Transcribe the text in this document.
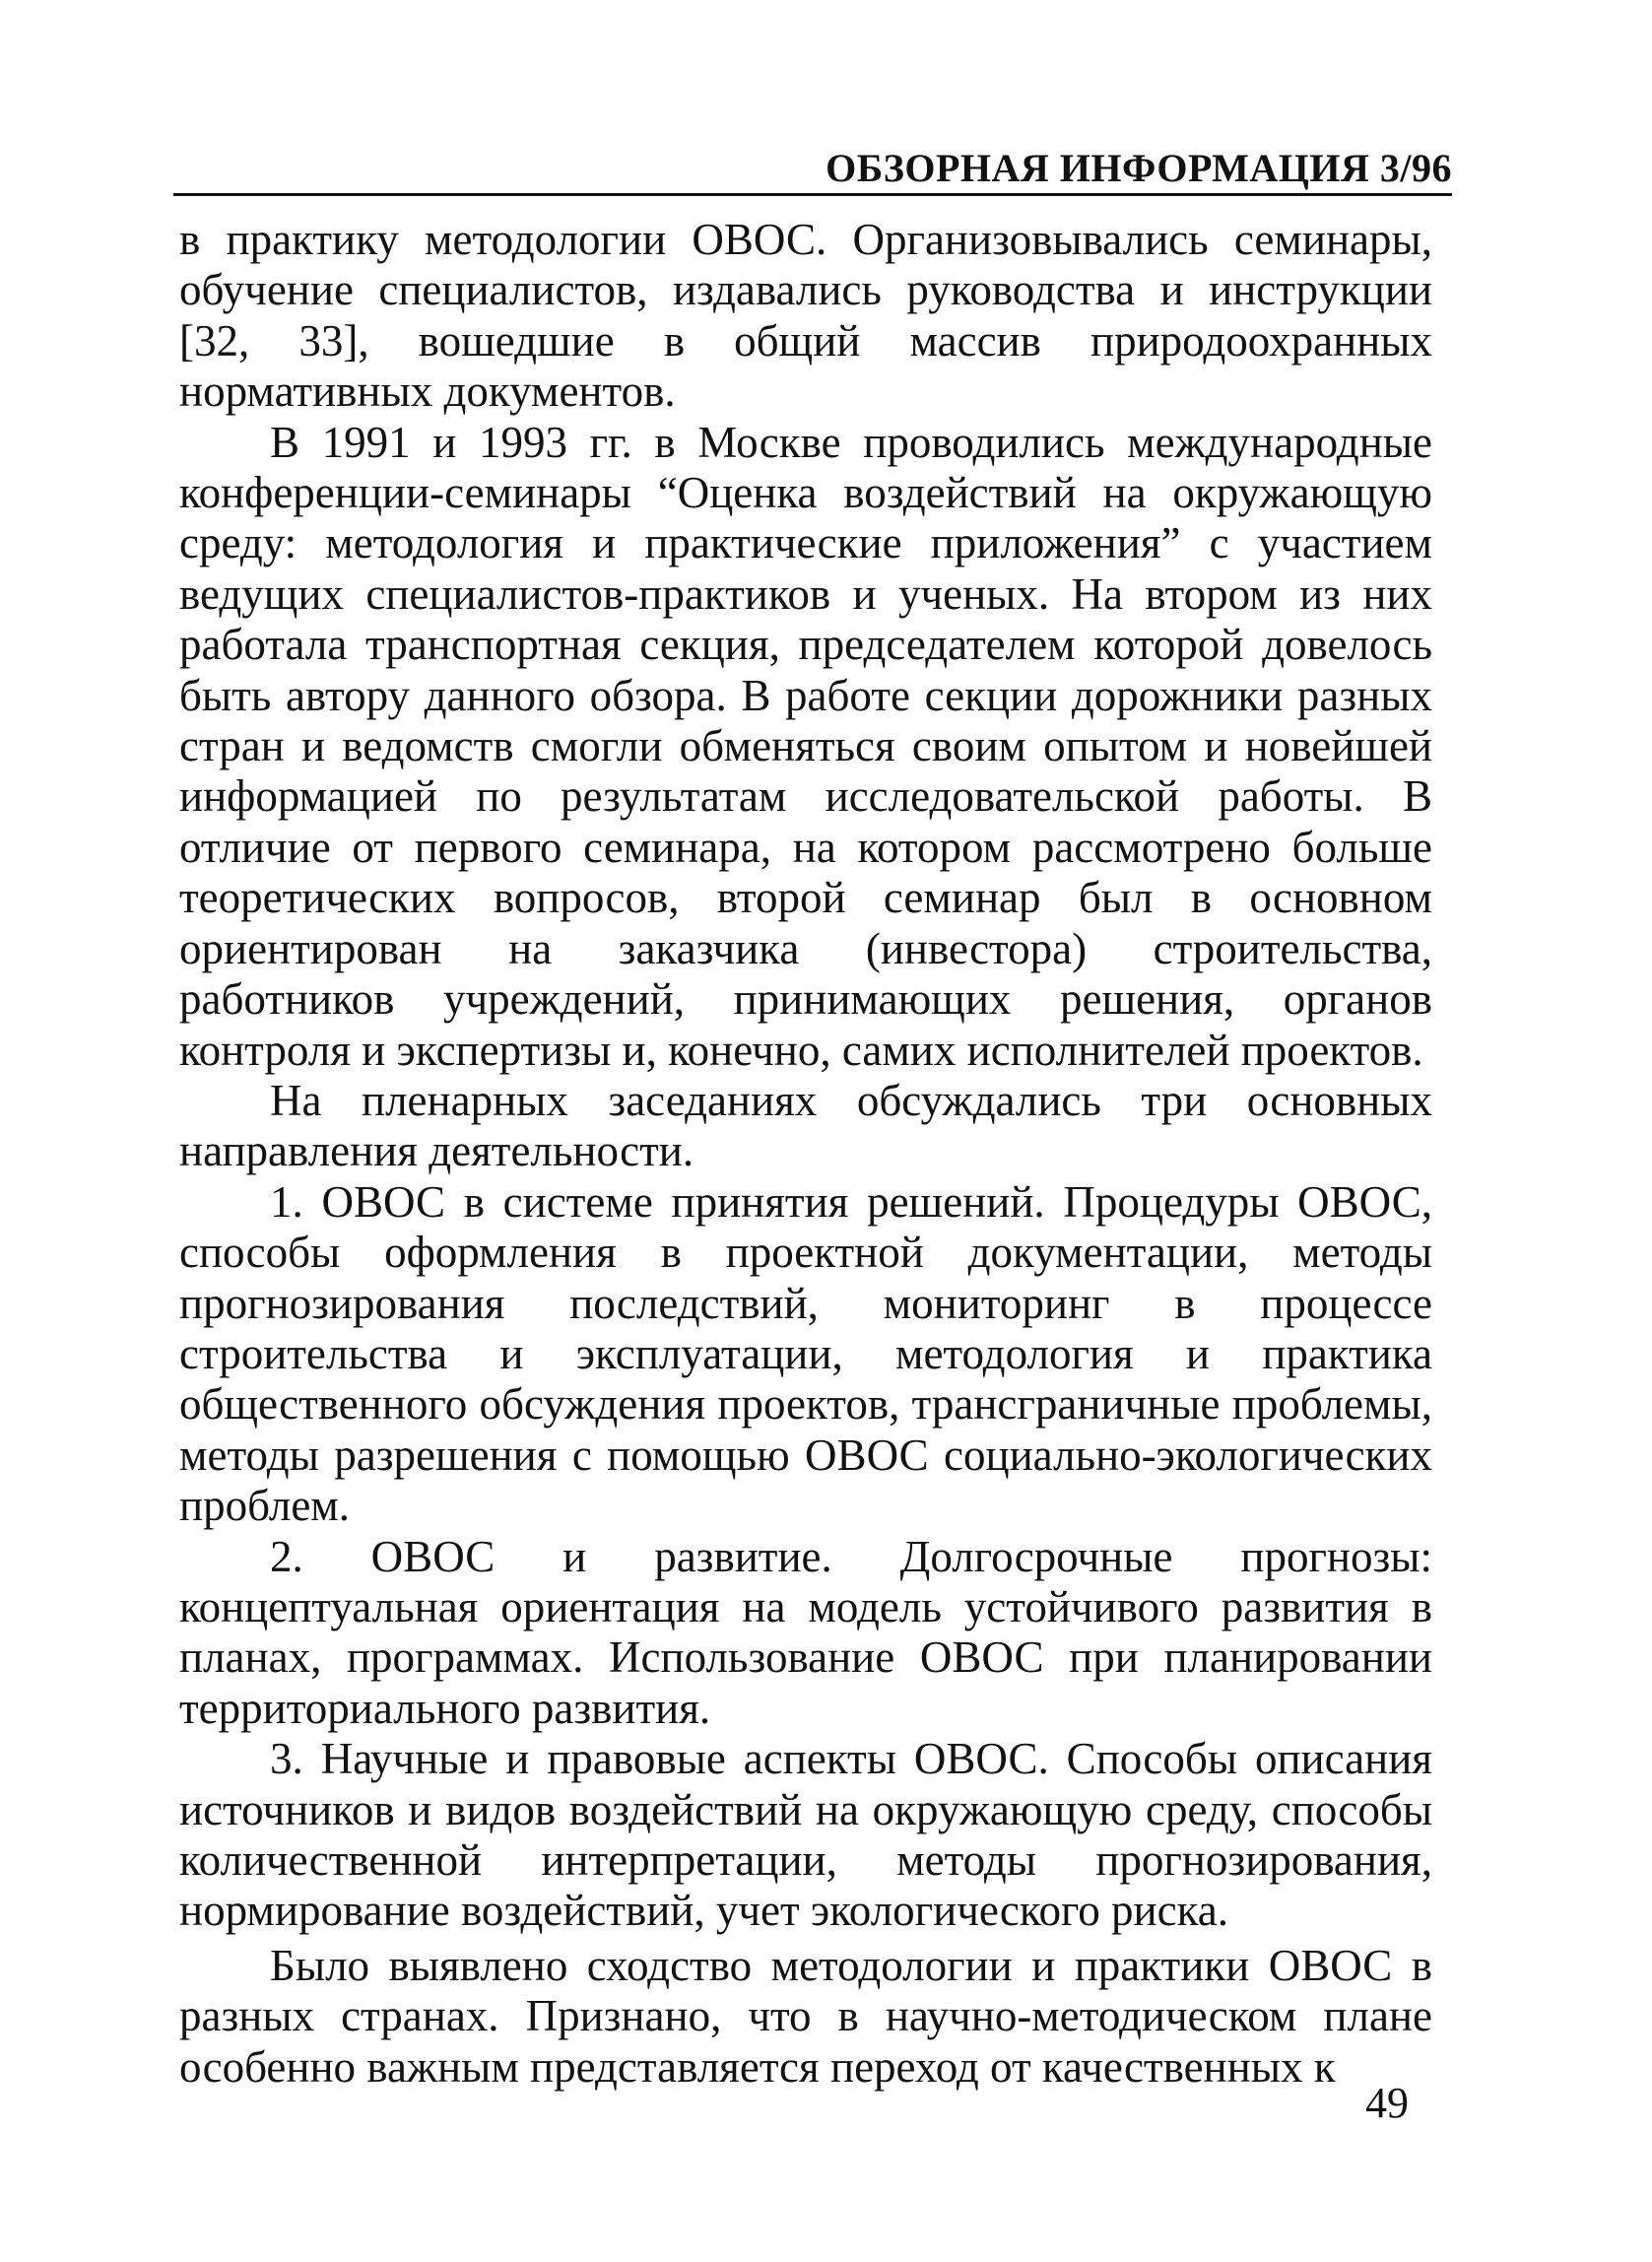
ОБЗОРНАЯ ИНФОРМАЦИЯ 3/96

в практику методологии ОВОС. Организовывались семинары, обучение специалистов, издавались руководства и инструкции [32, 33], вошедшие в общий массив природоохранных нормативных документов.

В 1991 и 1993 гг. в Москве проводились международные конференции-семинары “Оценка воздействий на окружающую среду: методология и практические приложения” с участием ведущих специалистов-практиков и ученых. На втором из них работала транспортная секция, председателем которой довелось быть автору данного обзора. В работе секции дорожники разных стран и ведомств смогли обменяться своим опытом и новейшей информацией по результатам исследовательской работы. В отличие от первого семинара, на котором рассмотрено больше теоретических вопросов, второй семинар был в основном ориентирован на заказчика (инвестора) строительства, работников учреждений, принимающих решения, органов контроля и экспертизы и, конечно, самих исполнителей проектов.

На пленарных заседаниях обсуждались три основных направления деятельности.

1. ОВОС в системе принятия решений. Процедуры ОВОС, способы оформления в проектной документации, методы прогнозирования последствий, мониторинг в процессе строительства и эксплуатации, методология и практика общественного обсуждения проектов, трансграничные проблемы, методы разрешения с помощью ОВОС социально-экологических проблем.

2. ОВОС и развитие. Долгосрочные прогнозы: концептуальная ориентация на модель устойчивого развития в планах, программах. Использование ОВОС при планировании территориального развития.

3. Научные и правовые аспекты ОВОС. Способы описания источников и видов воздействий на окружающую среду, способы количественной интерпретации, методы прогнозирования, нормирование воздействий, учет экологического риска.

Было выявлено сходство методологии и практики ОВОС в разных странах. Признано, что в научно-методическом плане особенно важным представляется переход от качественных к

49
